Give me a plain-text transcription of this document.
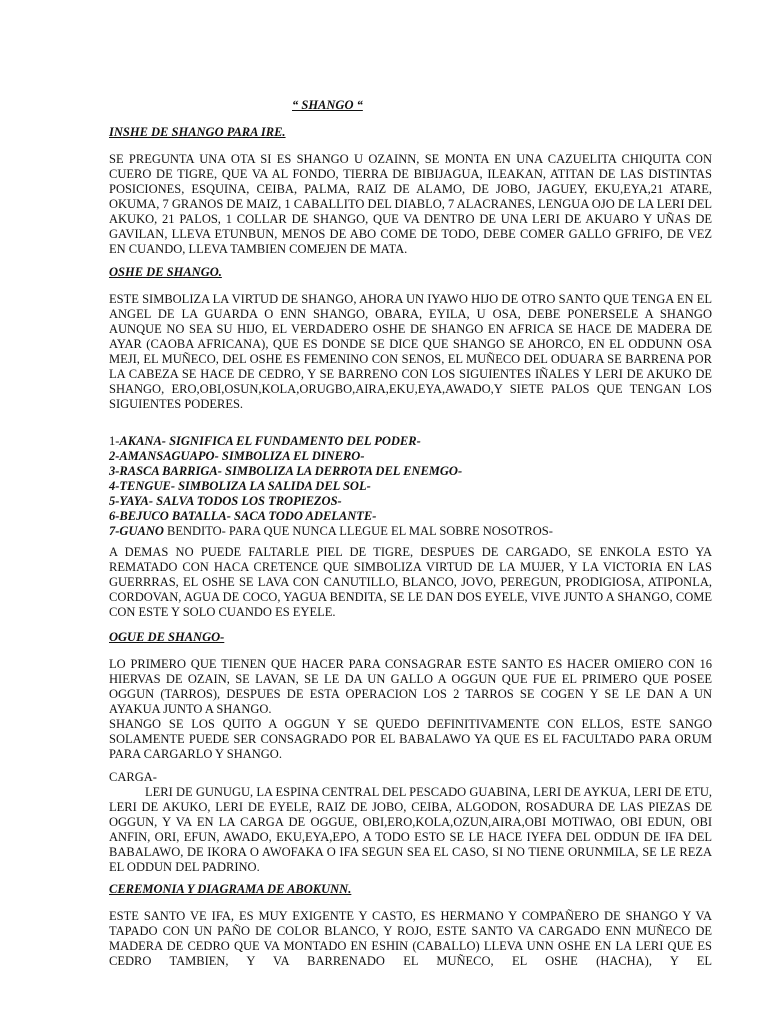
“ SHANGO “

INSHE DE SHANGO PARA IRE.

SE PREGUNTA UNA OTA SI ES SHANGO U OZAINN, SE MONTA EN UNA CAZUELITA CHIQUITA CON CUERO DE TIGRE, QUE VA AL FONDO, TIERRA DE BIBIJAGUA, ILEAKAN, ATITAN DE LAS DISTINTAS POSICIONES, ESQUINA, CEIBA, PALMA, RAIZ DE ALAMO, DE JOBO, JAGUEY, EKU,EYA,21 ATARE, OKUMA, 7 GRANOS DE MAIZ, 1 CABALLITO DEL DIABLO, 7 ALACRANES, LENGUA OJO DE LA LERI DEL AKUKO, 21 PALOS, 1 COLLAR DE SHANGO, QUE VA DENTRO DE UNA LERI DE AKUARO Y UÑAS DE GAVILAN, LLEVA ETUNBUN, MENOS DE ABO COME DE TODO, DEBE COMER GALLO GFRIFO, DE VEZ EN CUANDO, LLEVA TAMBIEN COMEJEN DE MATA.

OSHE DE SHANGO.

ESTE SIMBOLIZA LA VIRTUD DE SHANGO, AHORA UN IYAWO HIJO DE OTRO SANTO QUE TENGA EN EL ANGEL DE LA GUARDA O ENN SHANGO, OBARA, EYILA, U OSA, DEBE PONERSELE A SHANGO AUNQUE NO SEA SU HIJO, EL VERDADERO OSHE DE SHANGO EN AFRICA SE HACE DE MADERA DE AYAR (CAOBA AFRICANA), QUE ES DONDE SE DICE QUE SHANGO SE AHORCO, EN EL ODDUNN OSA MEJI, EL MUÑECO, DEL OSHE ES FEMENINO CON SENOS, EL MUÑECO DEL ODUARA SE BARRENA POR LA CABEZA SE HACE DE CEDRO, Y SE BARRENO CON LOS SIGUIENTES IÑALES Y LERI DE AKUKO DE SHANGO, ERO,OBI,OSUN,KOLA,ORUGBO,AIRA,EKU,EYA,AWADO,Y SIETE PALOS QUE TENGAN LOS SIGUIENTES PODERES.

1-AKANA- SIGNIFICA EL FUNDAMENTO DEL PODER-

2-AMANSAGUAPO- SIMBOLIZA EL DINERO-

3-RASCA BARRIGA- SIMBOLIZA LA DERROTA DEL ENEMGO-

4-TENGUE- SIMBOLIZA LA SALIDA DEL SOL-

5-YAYA- SALVA TODOS LOS TROPIEZOS-

6-BEJUCO BATALLA- SACA TODO ADELANTE-

7-GUANO BENDITO- PARA QUE NUNCA LLEGUE EL MAL SOBRE NOSOTROS-

A DEMAS NO PUEDE FALTARLE PIEL DE TIGRE, DESPUES DE CARGADO, SE ENKOLA ESTO YA REMATADO CON HACA CRETENCE QUE SIMBOLIZA VIRTUD DE LA MUJER, Y LA VICTORIA EN LAS GUERRRAS, EL OSHE SE LAVA CON CANUTILLO, BLANCO, JOVO, PEREGUN, PRODIGIOSA, ATIPONLA, CORDOVAN, AGUA DE COCO, YAGUA BENDITA, SE LE DAN DOS EYELE, VIVE JUNTO A SHANGO, COME CON ESTE Y SOLO CUANDO ES EYELE.

OGUE DE SHANGO-

LO PRIMERO QUE TIENEN QUE HACER PARA CONSAGRAR ESTE SANTO ES HACER OMIERO CON 16 HIERVAS DE OZAIN, SE LAVAN, SE LE DA UN GALLO A OGGUN QUE FUE EL PRIMERO QUE POSEE OGGUN (TARROS), DESPUES DE ESTA OPERACION LOS 2 TARROS SE COGEN Y SE LE DAN A UN AYAKUA JUNTO A SHANGO.

SHANGO SE LOS QUITO A OGGUN Y SE QUEDO DEFINITIVAMENTE CON ELLOS, ESTE SANGO SOLAMENTE PUEDE SER CONSAGRADO POR EL BABALAWO YA QUE ES EL FACULTADO PARA ORUM PARA CARGARLO Y SHANGO.

CARGA-

LERI DE GUNUGU, LA ESPINA CENTRAL DEL PESCADO GUABINA, LERI DE AYKUA, LERI DE ETU, LERI DE AKUKO, LERI DE EYELE, RAIZ DE JOBO, CEIBA, ALGODON, ROSADURA DE LAS PIEZAS DE OGGUN, Y VA EN LA CARGA DE OGGUE, OBI,ERO,KOLA,OZUN,AIRA,OBI MOTIWAO, OBI EDUN, OBI ANFIN, ORI, EFUN, AWADO, EKU,EYA,EPO, A TODO ESTO SE LE HACE IYEFA DEL ODDUN DE IFA DEL BABALAWO, DE IKORA O AWOFAKA O IFA SEGUN SEA EL CASO, SI NO TIENE ORUNMILA, SE LE REZA EL ODDUN DEL PADRINO.

CEREMONIA Y DIAGRAMA DE ABOKUNN.

ESTE SANTO VE IFA, ES MUY EXIGENTE Y CASTO, ES HERMANO Y COMPAÑERO DE SHANGO Y VA TAPADO CON UN PAÑO DE COLOR BLANCO, Y ROJO, ESTE SANTO VA CARGADO ENN MUÑECO DE MADERA DE CEDRO QUE VA MONTADO EN ESHIN (CABALLO) LLEVA UNN OSHE EN LA LERI QUE ES CEDRO TAMBIEN, Y VA BARRENADO EL MUÑECO, EL OSHE (HACHA), Y EL
